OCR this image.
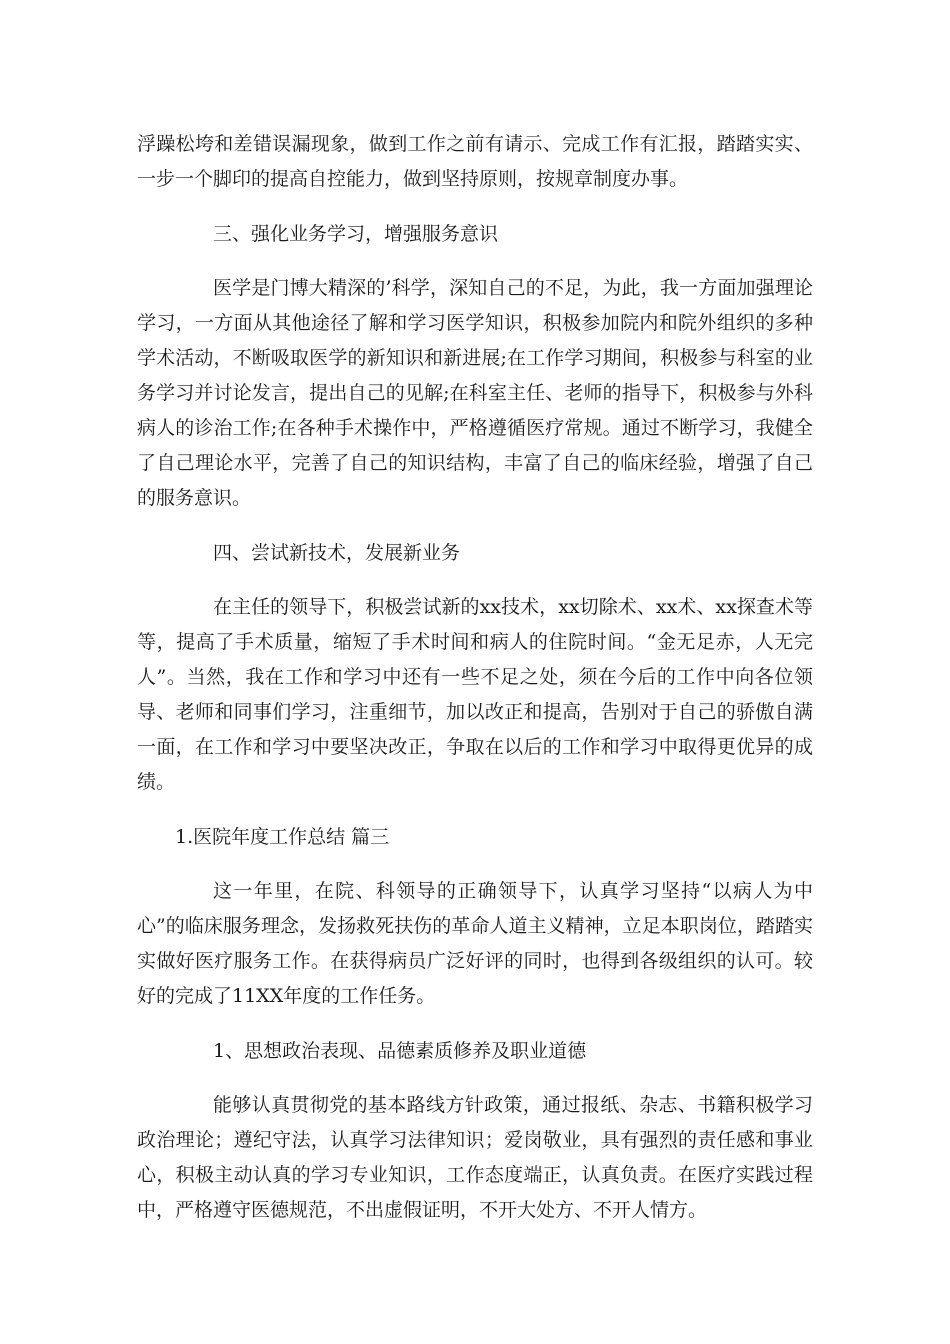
浮躁松垮和差错误漏现象，做到工作之前有请示、完成工作有汇报，踏踏实实、一步一个脚印的提高自控能力，做到坚持原则，按规章制度办事。

三、强化业务学习，增强服务意识

医学是门博大精深的’科学，深知自己的不足，为此，我一方面加强理论学习，一方面从其他途径了解和学习医学知识，积极参加院内和院外组织的多种学术活动，不断吸取医学的新知识和新进展;在工作学习期间，积极参与科室的业务学习并讨论发言，提出自己的见解;在科室主任、老师的指导下，积极参与外科病人的诊治工作;在各种手术操作中，严格遵循医疗常规。通过不断学习，我健全了自己理论水平，完善了自己的知识结构，丰富了自己的临床经验，增强了自己的服务意识。

四、尝试新技术，发展新业务

在主任的领导下，积极尝试新的xx技术，xx切除术、xx术、xx探查术等等，提高了手术质量，缩短了手术时间和病人的住院时间。“金无足赤，人无完人”。当然，我在工作和学习中还有一些不足之处，须在今后的工作中向各位领导、老师和同事们学习，注重细节，加以改正和提高，告别对于自己的骄傲自满一面，在工作和学习中要坚决改正，争取在以后的工作和学习中取得更优异的成绩。

1.医院年度工作总结 篇三

这一年里，在院、科领导的正确领导下，认真学习坚持“以病人为中心”的临床服务理念，发扬救死扶伤的革命人道主义精神，立足本职岗位，踏踏实实做好医疗服务工作。在获得病员广泛好评的同时，也得到各级组织的认可。较好的完成了11XX年度的工作任务。

1、思想政治表现、品德素质修养及职业道德

能够认真贯彻党的基本路线方针政策，通过报纸、杂志、书籍积极学习政治理论；遵纪守法，认真学习法律知识；爱岗敬业，具有强烈的责任感和事业心，积极主动认真的学习专业知识，工作态度端正，认真负责。在医疗实践过程中，严格遵守医德规范，不出虚假证明，不开大处方、不开人情方。
